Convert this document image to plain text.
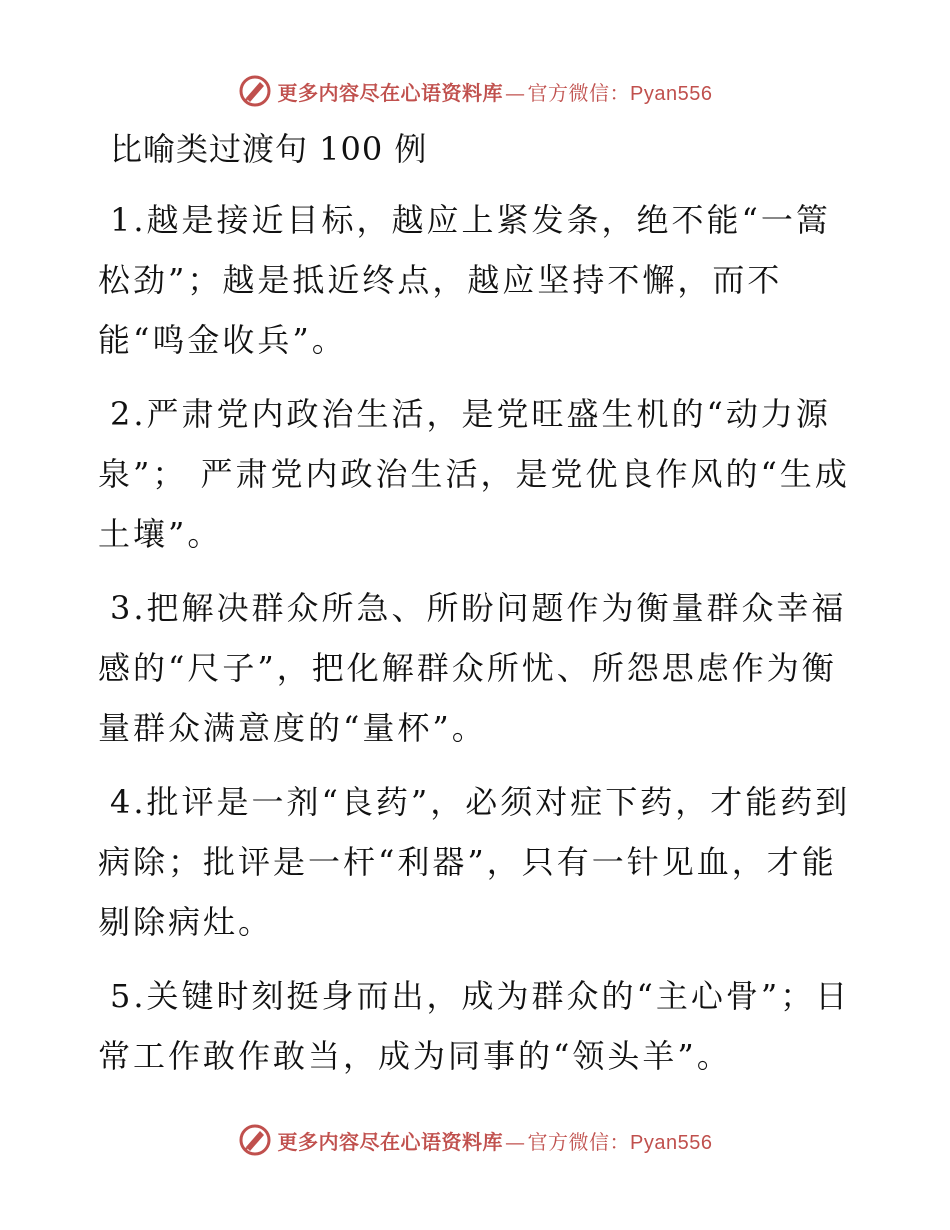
更多内容尽在心语资料库 — 官方微信：Pyan556
比喻类过渡句 100 例

1.越是接近目标，越应上紧发条，绝不能“一篙松劲”；越是抵近终点，越应坚持不懈，而不能“鸣金收兵”。

2.严肃党内政治生活，是党旺盛生机的“动力源泉”； 严肃党内政治生活，是党优良作风的“生成土壤”。

3.把解决群众所急、所盼问题作为衡量群众幸福感的“尺子”，把化解群众所忧、所怨思虑作为衡量群众满意度的“量杯”。

4.批评是一剂“良药”，必须对症下药，才能药到病除；批评是一杆“利器”，只有一针见血，才能剔除病灶。

5.关键时刻挺身而出，成为群众的“主心骨”；日常工作敢作敢当，成为同事的“领头羊”。

更多内容尽在心语资料库 — 官方微信：Pyan556
